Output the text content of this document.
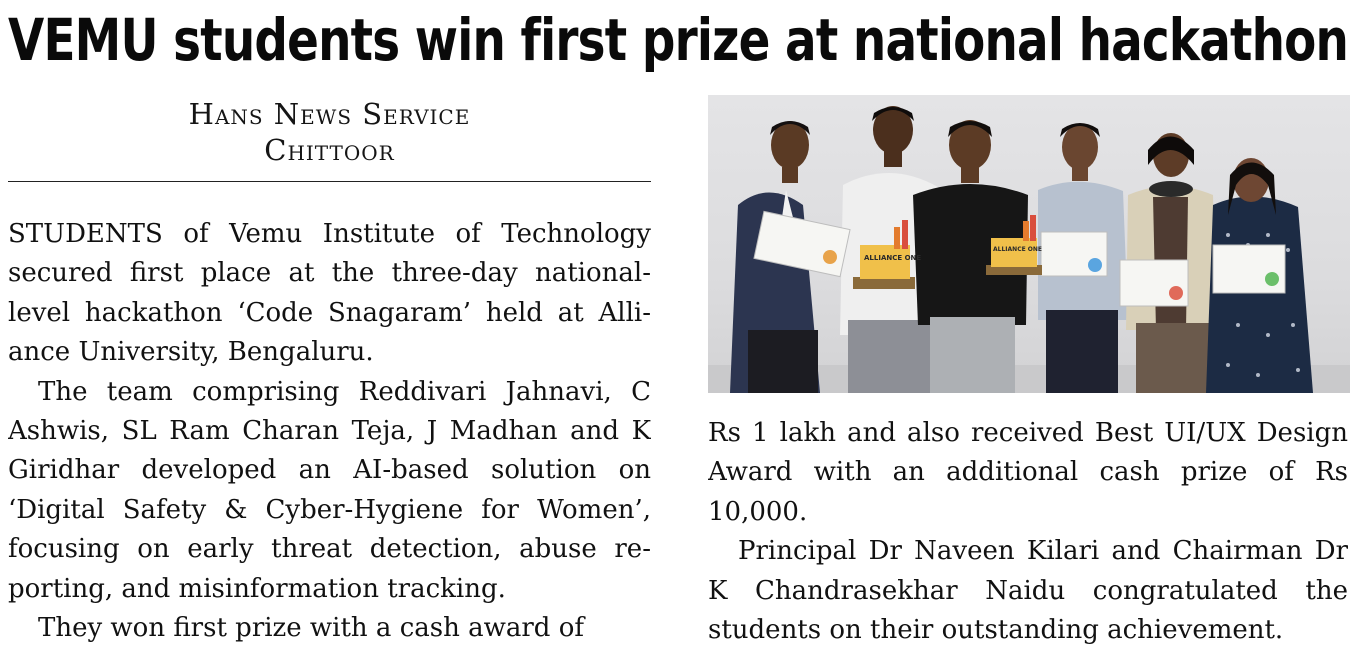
VEMU students win first prize at national hackathon
Hans News Service
Chittoor

STUDENTS of Vemu Institute of Technology secured first place at the three-day national-level hackathon ‘Code Snagaram’ held at Alliance University, Bengaluru.

The team comprising Reddivari Jahnavi, C Ashwis, SL Ram Charan Teja, J Madhan and K Giridhar developed an AI-based solution on ‘Digital Safety & Cyber-Hygiene for Women’, focusing on early threat detection, abuse reporting, and misinformation tracking.

They won first prize with a cash award of

ALLIANCE ONE
ALLIANCE ONE

Rs 1 lakh and also received Best UI/UX Design Award with an additional cash prize of Rs 10,000.

Principal Dr Naveen Kilari and Chairman Dr K Chandrasekhar Naidu congratulated the students on their outstanding achievement.
